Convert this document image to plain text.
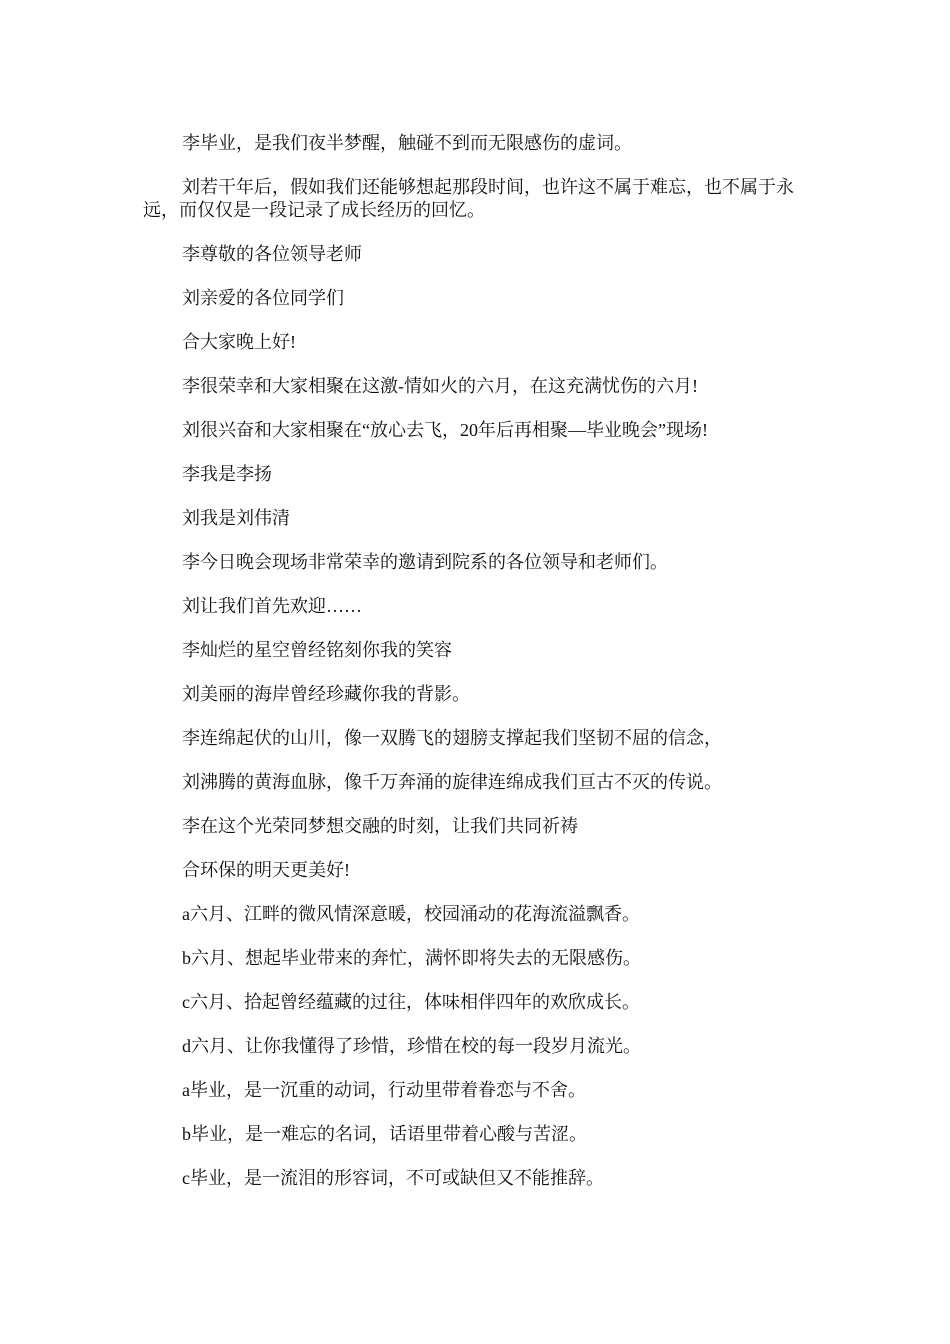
李毕业，是我们夜半梦醒，触碰不到而无限感伤的虚词。

刘若干年后，假如我们还能够想起那段时间，也许这不属于难忘，也不属于永远，而仅仅是一段记录了成长经历的回忆。

李尊敬的各位领导老师

刘亲爱的各位同学们

合大家晚上好!

李很荣幸和大家相聚在这激-情如火的六月，在这充满忧伤的六月!

刘很兴奋和大家相聚在“放心去飞，20年后再相聚—毕业晚会”现场!

李我是李扬

刘我是刘伟清

李今日晚会现场非常荣幸的邀请到院系的各位领导和老师们。

刘让我们首先欢迎……

李灿烂的星空曾经铭刻你我的笑容

刘美丽的海岸曾经珍藏你我的背影。

李连绵起伏的山川，像一双腾飞的翅膀支撑起我们坚韧不屈的信念，

刘沸腾的黄海血脉，像千万奔涌的旋律连绵成我们亘古不灭的传说。

李在这个光荣同梦想交融的时刻，让我们共同祈祷

合环保的明天更美好!

a六月、江畔的微风情深意暖，校园涌动的花海流溢飘香。

b六月、想起毕业带来的奔忙，满怀即将失去的无限感伤。

c六月、拾起曾经蕴藏的过往，体味相伴四年的欢欣成长。

d六月、让你我懂得了珍惜，珍惜在校的每一段岁月流光。

a毕业，是一沉重的动词，行动里带着眷恋与不舍。

b毕业，是一难忘的名词，话语里带着心酸与苦涩。

c毕业，是一流泪的形容词，不可或缺但又不能推辞。
